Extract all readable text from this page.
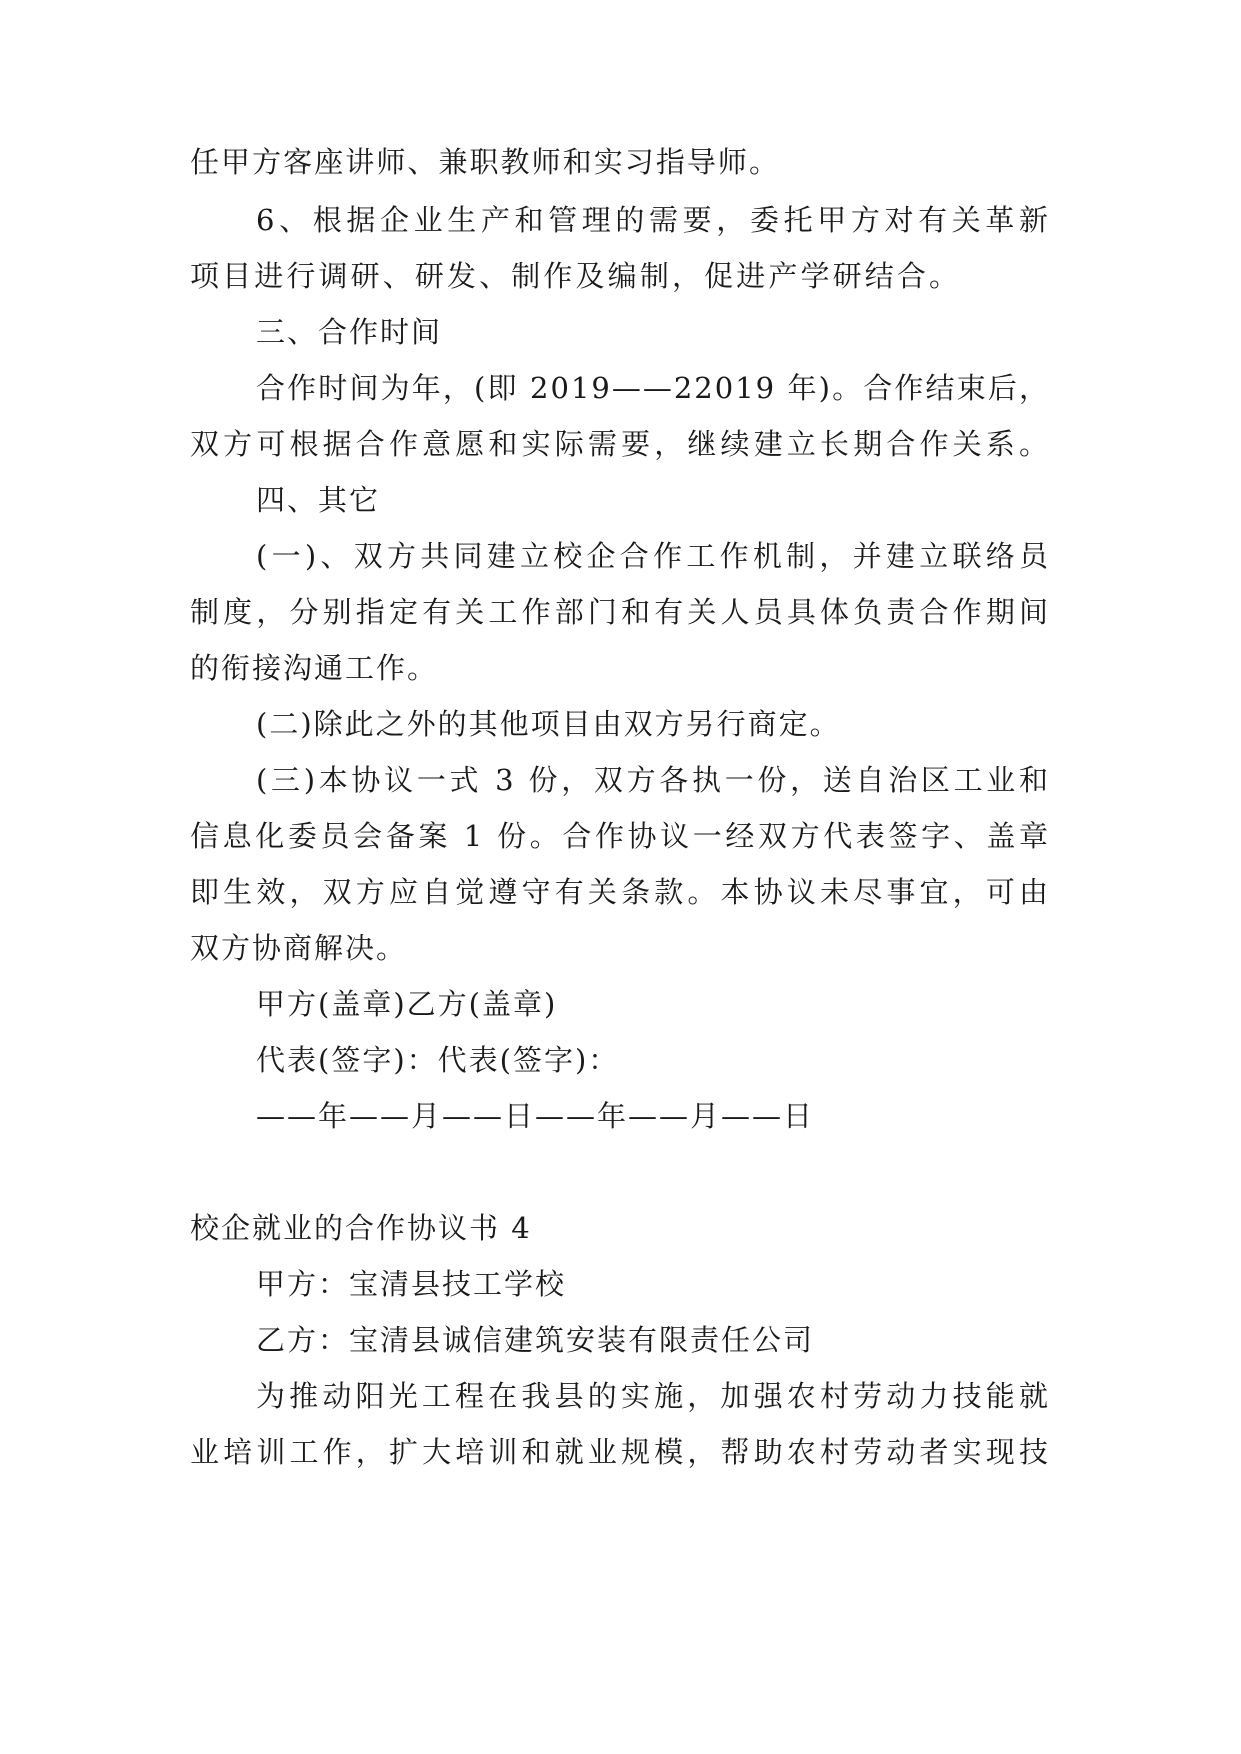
任甲方客座讲师、兼职教师和实习指导师。
6、根据企业生产和管理的需要，委托甲方对有关革新
项目进行调研、研发、制作及编制，促进产学研结合。
三、合作时间
合作时间为年，(即 2019——22019 年)。合作结束后，
双方可根据合作意愿和实际需要，继续建立长期合作关系。
四、其它
(一)、双方共同建立校企合作工作机制，并建立联络员
制度，分别指定有关工作部门和有关人员具体负责合作期间
的衔接沟通工作。
(二)除此之外的其他项目由双方另行商定。
(三)本协议一式 3 份，双方各执一份，送自治区工业和
信息化委员会备案 1 份。合作协议一经双方代表签字、盖章
即生效，双方应自觉遵守有关条款。本协议未尽事宜，可由
双方协商解决。
甲方(盖章)乙方(盖章)
代表(签字)：代表(签字)：
——年——月——日——年——月——日
校企就业的合作协议书 4
甲方：宝清县技工学校
乙方：宝清县诚信建筑安装有限责任公司
为推动阳光工程在我县的实施，加强农村劳动力技能就
业培训工作，扩大培训和就业规模，帮助农村劳动者实现技
